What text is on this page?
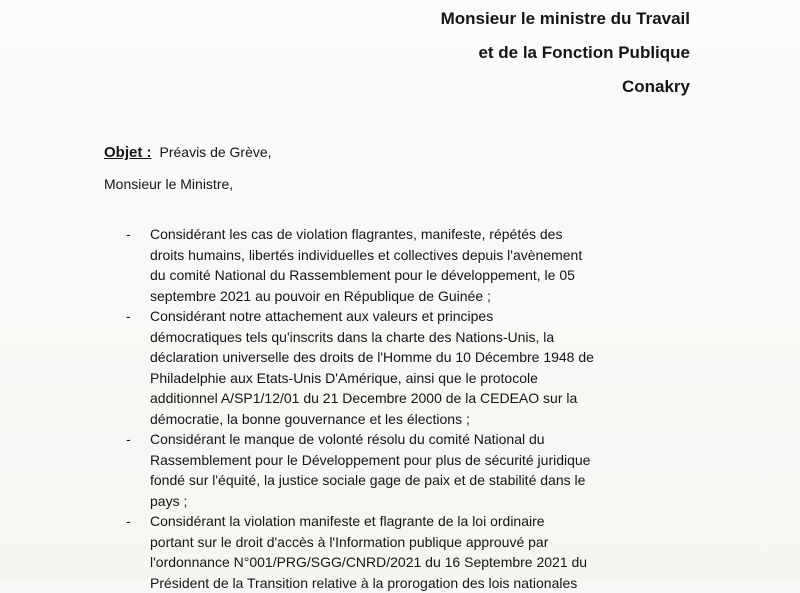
Monsieur le ministre du Travail
et de la Fonction Publique
Conakry
Objet : Préavis de Grève,
Monsieur le Ministre,
- Considérant les cas de violation flagrantes, manifeste, répétés des
droits humains, libertés individuelles et collectives depuis l'avènement
du comité National du Rassemblement pour le développement, le 05
septembre 2021 au pouvoir en République de Guinée ;
- Considérant notre attachement aux valeurs et principes
démocratiques tels qu'inscrits dans la charte des Nations-Unis, la
déclaration universelle des droits de l'Homme du 10 Décembre 1948 de
Philadelphie aux Etats-Unis D'Amérique, ainsi que le protocole
additionnel A/SP1/12/01 du 21 Decembre 2000 de la CEDEAO sur la
démocratie, la bonne gouvernance et les élections ;
- Considérant le manque de volonté résolu du comité National du
Rassemblement pour le Développement pour plus de sécurité juridique
fondé sur l'équité, la justice sociale gage de paix et de stabilité dans le
pays ;
- Considérant la violation manifeste et flagrante de la loi ordinaire
portant sur le droit d'accès à l'Information publique approuvé par
l'ordonnance N°001/PRG/SGG/CNRD/2021 du 16 Septembre 2021 du
Président de la Transition relative à la prorogation des lois nationales
